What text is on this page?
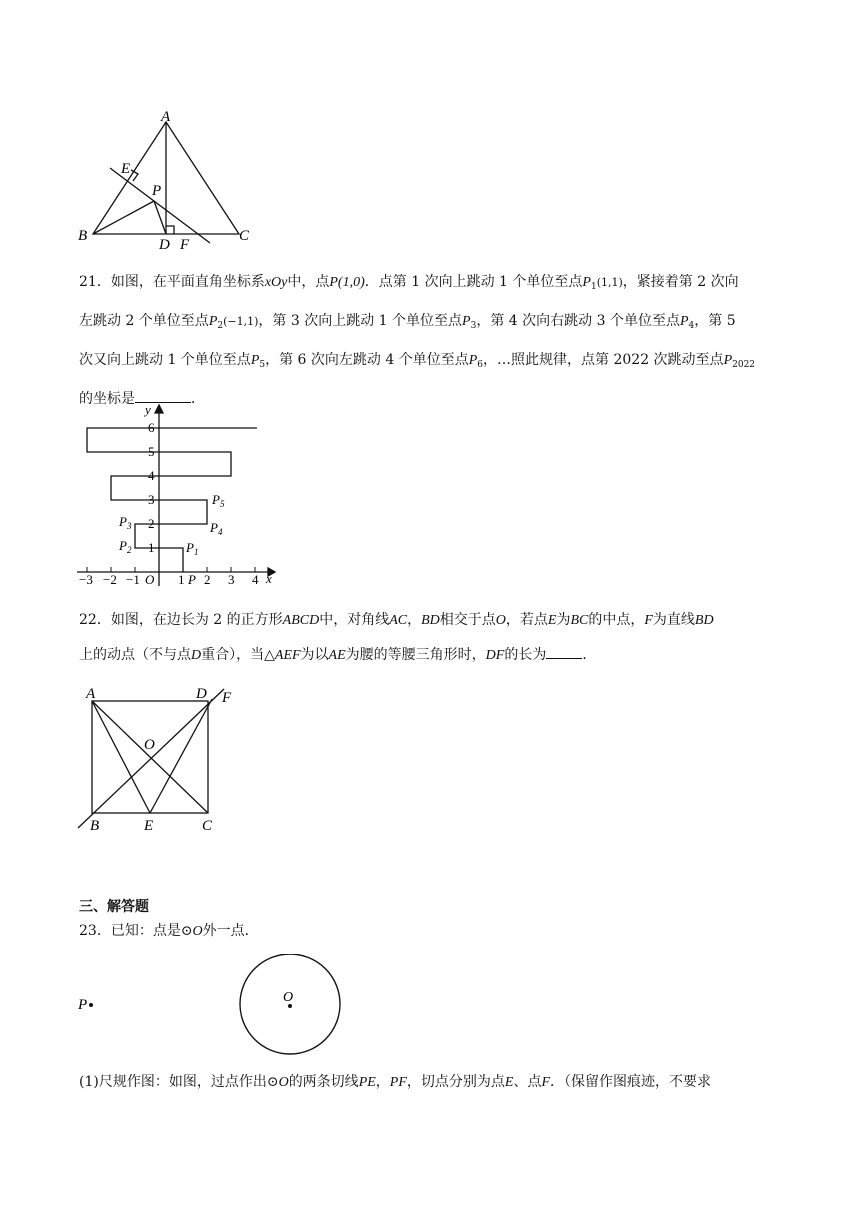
A
B	C
D
E
F
P
21．如图，在平面直角坐标系xOy中，点P(1,0)．点第 1 次向上跳动 1 个单位至点$P_1(1,1)$，紧接着第 2 次向
左跳动 2 个单位至点$P_2(-1,1)$，第 3 次向上跳动 1 个单位至点$P_3$，第 4 次向右跳动 3 个单位至点$P_4$，第 5
次又向上跳动 1 个单位至点$P_5$，第 6 次向左跳动 4 个单位至点$P_6$，…照此规律，点第 2022 次跳动至点$P_{2022}$
的坐标是	．
y
x
O
1
2
3
4
5
6
−3 −2 −1	1 2 3 4
P
$P_1$
$P_2$
$P_3$	$P_4$
$P_5$
22．如图，在边长为 2 的正方形ABCD中，对角线AC，BD相交于点O，若点E为BC的中点，F为直线BD
上的动点（不与点D重合），当△AEF为以AE为腰的等腰三角形时，DF的长为	．
A	D F
O
B	E	C
三、解答题
23．已知：点是⊙O外一点．
P	O
(1)尺规作图：如图，过点作出⊙O的两条切线PE，PF，切点分别为点E、点F．（保留作图痕迹，不要求
